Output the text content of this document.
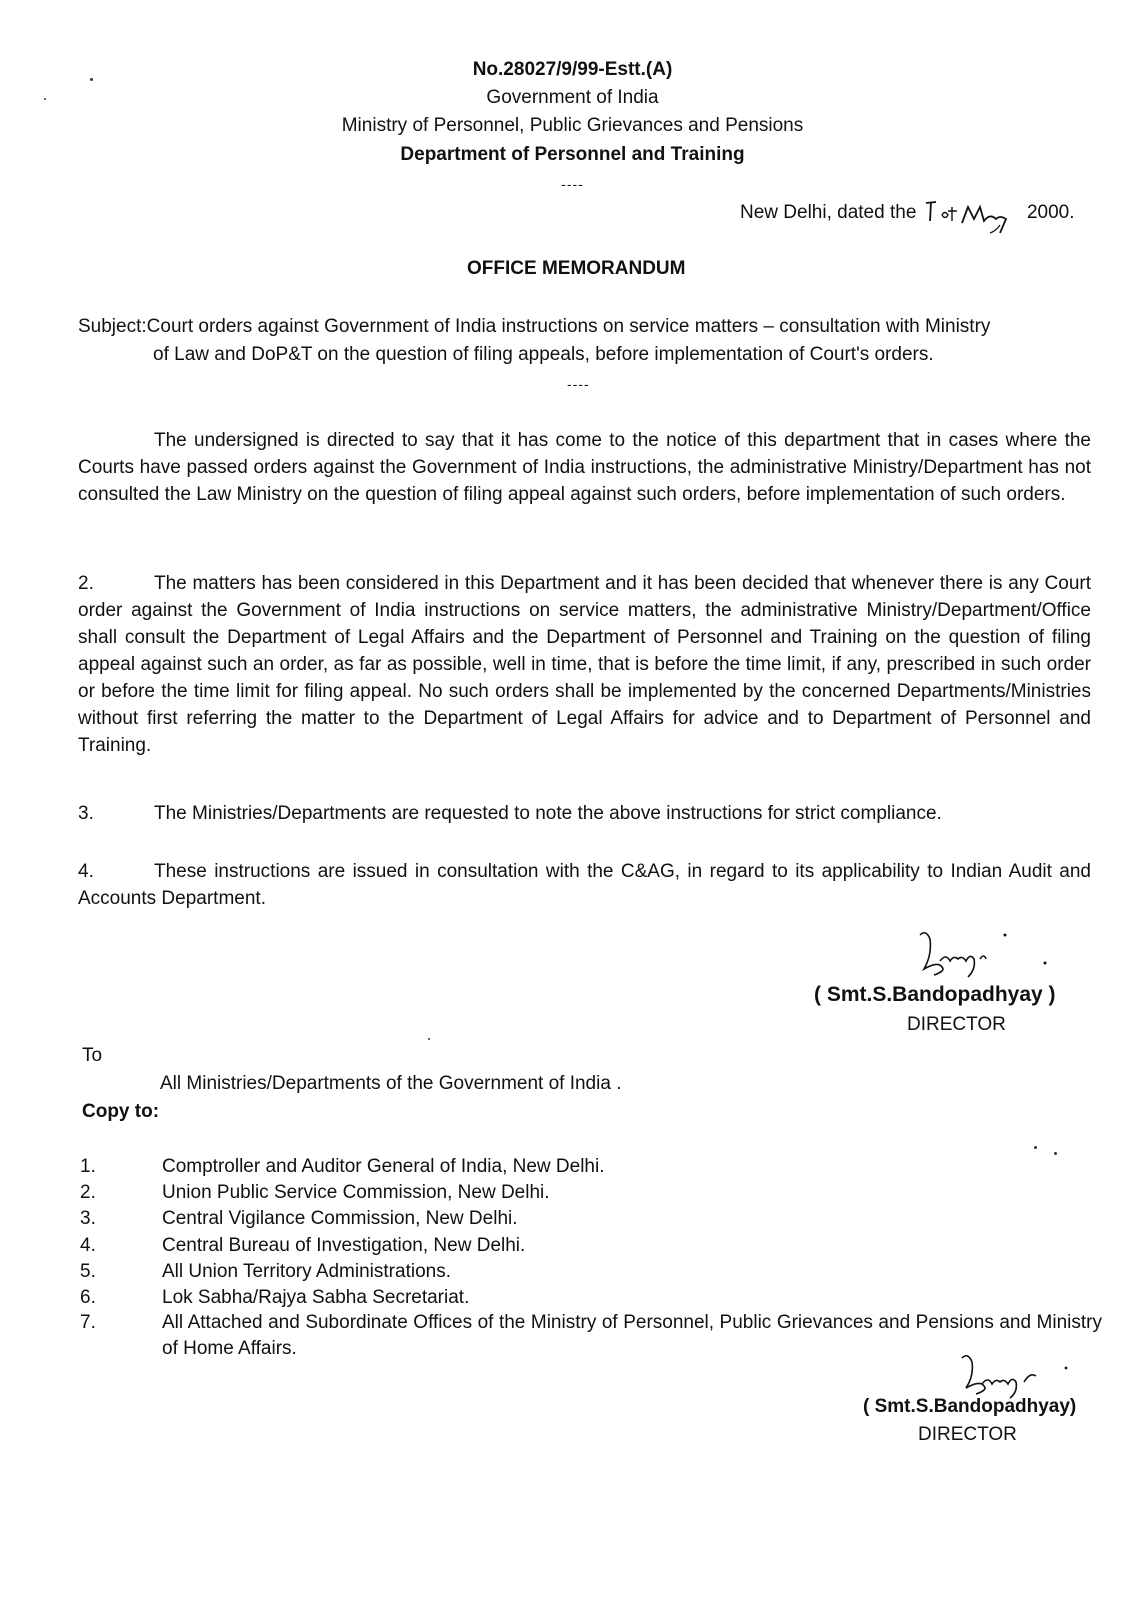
No.28027/9/99-Estt.(A)
Government of India
Ministry of Personnel, Public Grievances and Pensions
Department of Personnel and Training
----
New Delhi, dated the	2000.
OFFICE MEMORANDUM
Subject:Court orders against Government of India instructions on service matters – consultation with Ministry
of Law and DoP&T on the question of filing appeals, before implementation of Court's orders.
----
The undersigned is directed to say that it has come to the notice of this department that in cases where the Courts have passed orders against the Government of India instructions, the administrative Ministry/Department has not consulted the Law Ministry on the question of filing appeal against such orders, before implementation of such orders.
2.	The matters has been considered in this Department and it has been decided that whenever there is any Court order against the Government of India instructions on service matters, the administrative Ministry/Department/Office shall consult the Department of Legal Affairs and the Department of Personnel and Training on the question of filing appeal against such an order, as far as possible, well in time, that is before the time limit, if any, prescribed in such order or before the time limit for filing appeal. No such orders shall be implemented by the concerned Departments/Ministries without first referring the matter to the Department of Legal Affairs for advice and to Department of Personnel and Training.
3.	The Ministries/Departments are requested to note the above instructions for strict compliance.
4.	These instructions are issued in consultation with the C&AG, in regard to its applicability to Indian Audit and Accounts Department.
( Smt.S.Bandopadhyay )
DIRECTOR
To
All Ministries/Departments of the Government of India .
Copy to:
1.	Comptroller and Auditor General of India, New Delhi.
2.	Union Public Service Commission, New Delhi.
3.	Central Vigilance Commission, New Delhi.
4.	Central Bureau of Investigation, New Delhi.
5.	All Union Territory Administrations.
6.	Lok Sabha/Rajya Sabha Secretariat.
7.	All Attached and Subordinate Offices of the Ministry of Personnel, Public Grievances and Pensions and Ministry of Home Affairs.
( Smt.S.Bandopadhyay)
DIRECTOR
